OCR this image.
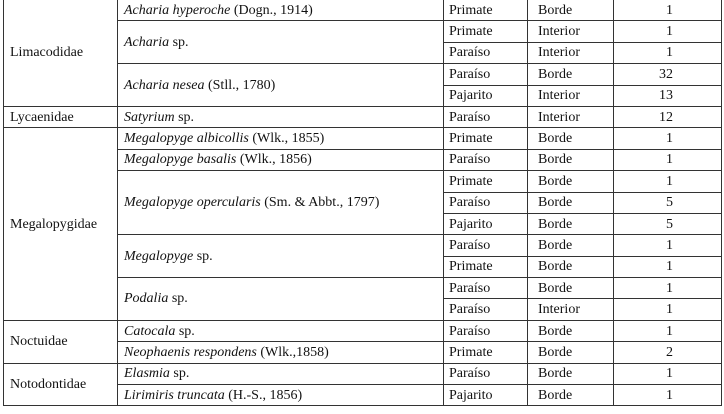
Limacodidae	Acharia hyperoche (Dogn., 1914)	Primate	Borde	1
	Acharia sp.	Primate	Interior	1
		Paraíso	Interior	1
	Acharia nesea (Stll., 1780)	Paraíso	Borde	32
		Pajarito	Interior	13
Lycaenidae	Satyrium sp.	Paraíso	Interior	12
Megalopygidae	Megalopyge albicollis (Wlk., 1855)	Primate	Borde	1
	Megalopyge basalis (Wlk., 1856)	Paraíso	Borde	1
	Megalopyge opercularis (Sm. & Abbt., 1797)	Primate	Borde	1
		Paraíso	Borde	5
		Pajarito	Borde	5
	Megalopyge sp.	Paraíso	Borde	1
		Primate	Borde	1
	Podalia sp.	Paraíso	Borde	1
		Paraíso	Interior	1
Noctuidae	Catocala sp.	Paraíso	Borde	1
	Neophaenis respondens (Wlk.,1858)	Primate	Borde	2
Notodontidae	Elasmia sp.	Paraíso	Borde	1
	Lirimiris truncata (H.-S., 1856)	Pajarito	Borde	1
